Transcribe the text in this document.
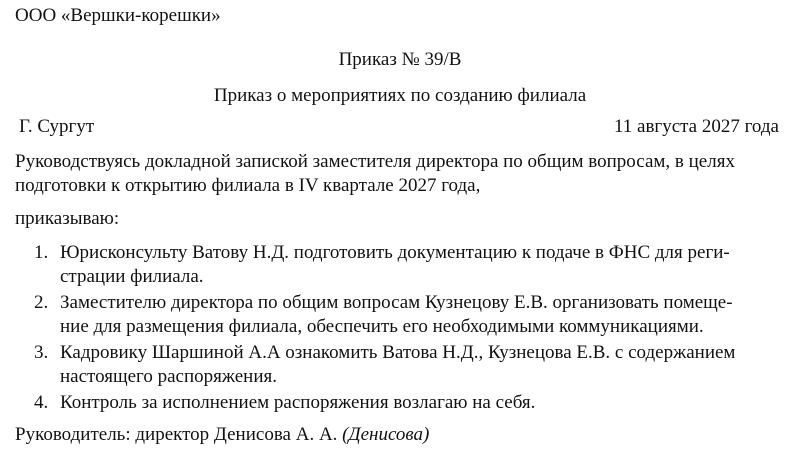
ООО «Вершки-корешки»
Приказ № 39/В
Приказ о мероприятиях по созданию филиала
Г. Сургут	11 августа 2027 года
Руководствуясь докладной запиской заместителя директора по общим вопросам, в целях подготовки к открытию филиала в IV квартале 2027 года,
приказываю:
1. Юрисконсульту Ватову Н.Д. подготовить документацию к подаче в ФНС для реги-
страции филиала.
2. Заместителю директора по общим вопросам Кузнецову Е.В. организовать помеще-
ние для размещения филиала, обеспечить его необходимыми коммуникациями.
3. Кадровику Шаршиной А.А ознакомить Ватова Н.Д., Кузнецова Е.В. с содержанием
настоящего распоряжения.
4. Контроль за исполнением распоряжения возлагаю на себя.
Руководитель: директор Денисова А. А. (Денисова)
